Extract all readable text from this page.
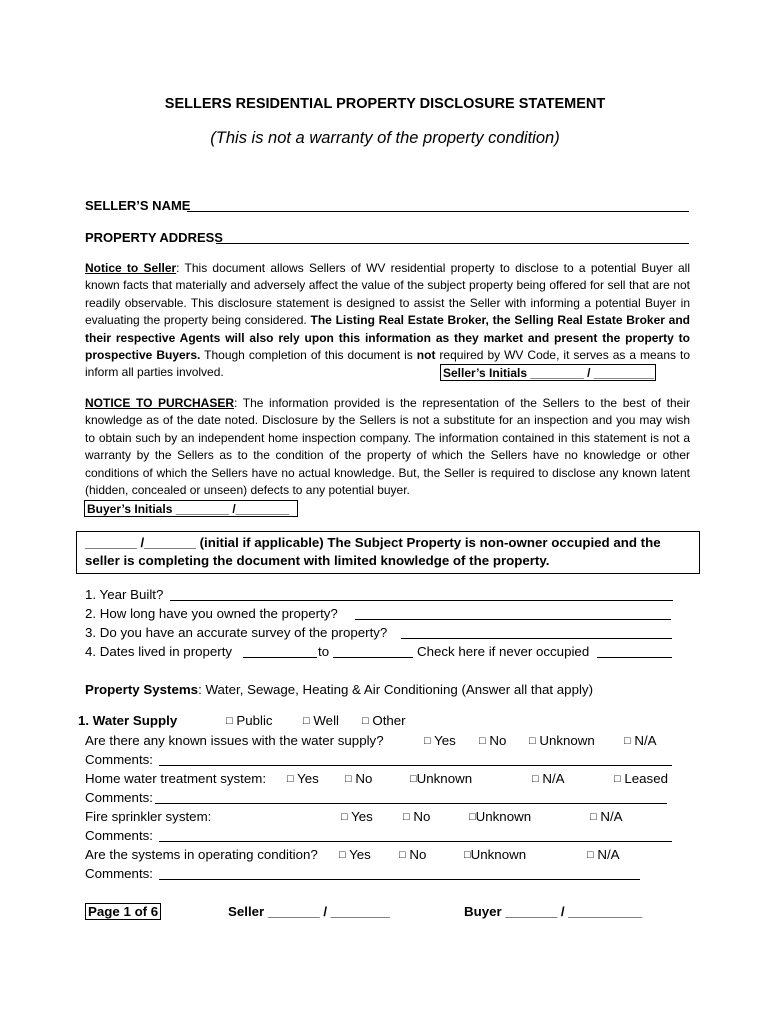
SELLERS RESIDENTIAL PROPERTY DISCLOSURE STATEMENT
(This is not a warranty of the property condition)
SELLER’S NAME
PROPERTY ADDRESS
Notice to Seller: This document allows Sellers of WV residential property to disclose to a potential Buyer all known facts that materially and adversely affect the value of the subject property being offered for sell that are not readily observable. This disclosure statement is designed to assist the Seller with informing a potential Buyer in evaluating the property being considered. The Listing Real Estate Broker, the Selling Real Estate Broker and their respective Agents will also rely upon this information as they market and present the property to prospective Buyers. Though completion of this document is not required by WV Code, it serves as a means to inform all parties involved.	Seller’s Initials ________ / _________
NOTICE TO PURCHASER: The information provided is the representation of the Sellers to the best of their knowledge as of the date noted. Disclosure by the Sellers is not a substitute for an inspection and you may wish to obtain such by an independent home inspection company. The information contained in this statement is not a warranty by the Sellers as to the condition of the property of which the Sellers have no knowledge or other conditions of which the Sellers have no actual knowledge. But, the Seller is required to disclose any known latent (hidden, concealed or unseen) defects to any potential buyer.
Buyer’s Initials ________ /________
_______ /_______ (initial if applicable) The Subject Property is non-owner occupied and the
seller is completing the document with limited knowledge of the property.
1. Year Built?
2. How long have you owned the property?
3. Do you have an accurate survey of the property?
4. Dates lived in property	to	Check here if never occupied
Property Systems: Water, Sewage, Heating & Air Conditioning (Answer all that apply)
1. Water Supply	□ Public	□ Well □ Other
Are there any known issues with the water supply?	□ Yes □ No □ Unknown	□ N/A
Comments:
Home water treatment system: □ Yes □ No	□Unknown	□ N/A	□ Leased
Comments:
Fire sprinkler system:	□ Yes	□ No	□Unknown	□ N/A
Comments:
Are the systems in operating condition? □ Yes	□ No	□Unknown	□ N/A
Comments:
Page 1 of 6	Seller _______ / ________	Buyer _______ / __________
